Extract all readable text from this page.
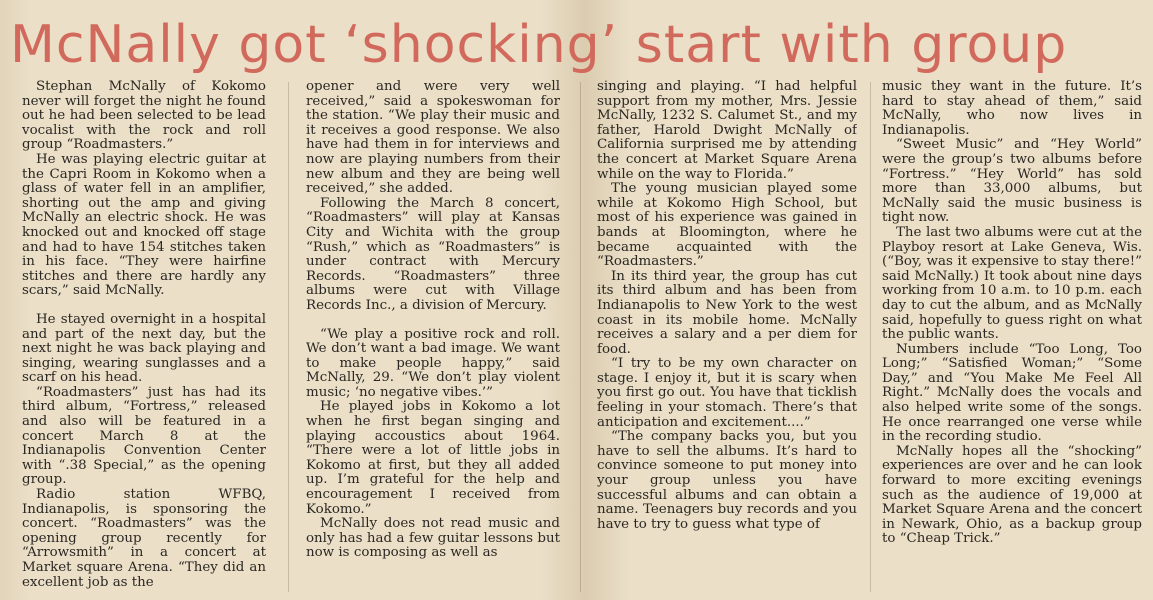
McNally got ‘shocking’ start with group

Stephan McNally of Kokomo never will forget the night he found out he had been selected to be lead vocalist with the rock and roll group “Roadmasters.”

He was playing electric guitar at the Capri Room in Kokomo when a glass of water fell in an amplifier, shorting out the amp and giving McNally an electric shock. He was knocked out and knocked off stage and had to have 154 stitches taken in his face. “They were hairfine stitches and there are hardly any scars,” said McNally.

He stayed overnight in a hospital and part of the next day, but the next night he was back playing and singing, wearing sunglasses and a scarf on his head.

“Roadmasters” just has had its third album, “Fortress,” released and also will be featured in a concert March 8 at the Indianapolis Convention Center with “.38 Special,” as the opening group.

Radio station WFBQ, Indianapolis, is sponsoring the concert. “Roadmasters” was the opening group recently for “Arrowsmith” in a concert at Market square Arena. “They did an excellent job as the

opener and were very well received,” said a spokeswoman for the station. “We play their music and it receives a good response. We also have had them in for interviews and now are playing numbers from their new album and they are being well received,” she added.

Following the March 8 concert, “Roadmasters” will play at Kansas City and Wichita with the group “Rush,” which as “Roadmasters” is under contract with Mercury Records. “Roadmasters” three albums were cut with Village Records Inc., a division of Mercury.

“We play a positive rock and roll. We don’t want a bad image. We want to make people happy,” said McNally, 29. “We don’t play violent music; ‘no negative vibes.’”

He played jobs in Kokomo a lot when he first began singing and playing accoustics about 1964. “There were a lot of little jobs in Kokomo at first, but they all added up. I’m grateful for the help and encouragement I received from Kokomo.”

McNally does not read music and only has had a few guitar lessons but now is composing as well as

singing and playing. “I had helpful support from my mother, Mrs. Jessie McNally, 1232 S. Calumet St., and my father, Harold Dwight McNally of California surprised me by attending the concert at Market Square Arena while on the way to Florida.”

The young musician played some while at Kokomo High School, but most of his experience was gained in bands at Bloomington, where he became acquainted with the “Roadmasters.”

In its third year, the group has cut its third album and has been from Indianapolis to New York to the west coast in its mobile home. McNally receives a salary and a per diem for food.

“I try to be my own character on stage. I enjoy it, but it is scary when you first go out. You have that ticklish feeling in your stomach. There’s that anticipation and excitement....”

“The company backs you, but you have to sell the albums. It’s hard to convince someone to put money into your group unless you have successful albums and can obtain a name. Teenagers buy records and you have to try to guess what type of

music they want in the future. It’s hard to stay ahead of them,” said McNally, who now lives in Indianapolis.

“Sweet Music” and “Hey World” were the group’s two albums before “Fortress.” “Hey World” has sold more than 33,000 albums, but McNally said the music business is tight now.

The last two albums were cut at the Playboy resort at Lake Geneva, Wis. (“Boy, was it expensive to stay there!” said McNally.) It took about nine days working from 10 a.m. to 10 p.m. each day to cut the album, and as McNally said, hopefully to guess right on what the public wants.

Numbers include “Too Long, Too Long;” “Satisfied Woman;” “Some Day,” and “You Make Me Feel All Right.” McNally does the vocals and also helped write some of the songs. He once rearranged one verse while in the recording studio.

McNally hopes all the “shocking” experiences are over and he can look forward to more exciting evenings such as the audience of 19,000 at Market Square Arena and the concert in Newark, Ohio, as a backup group to “Cheap Trick.”
